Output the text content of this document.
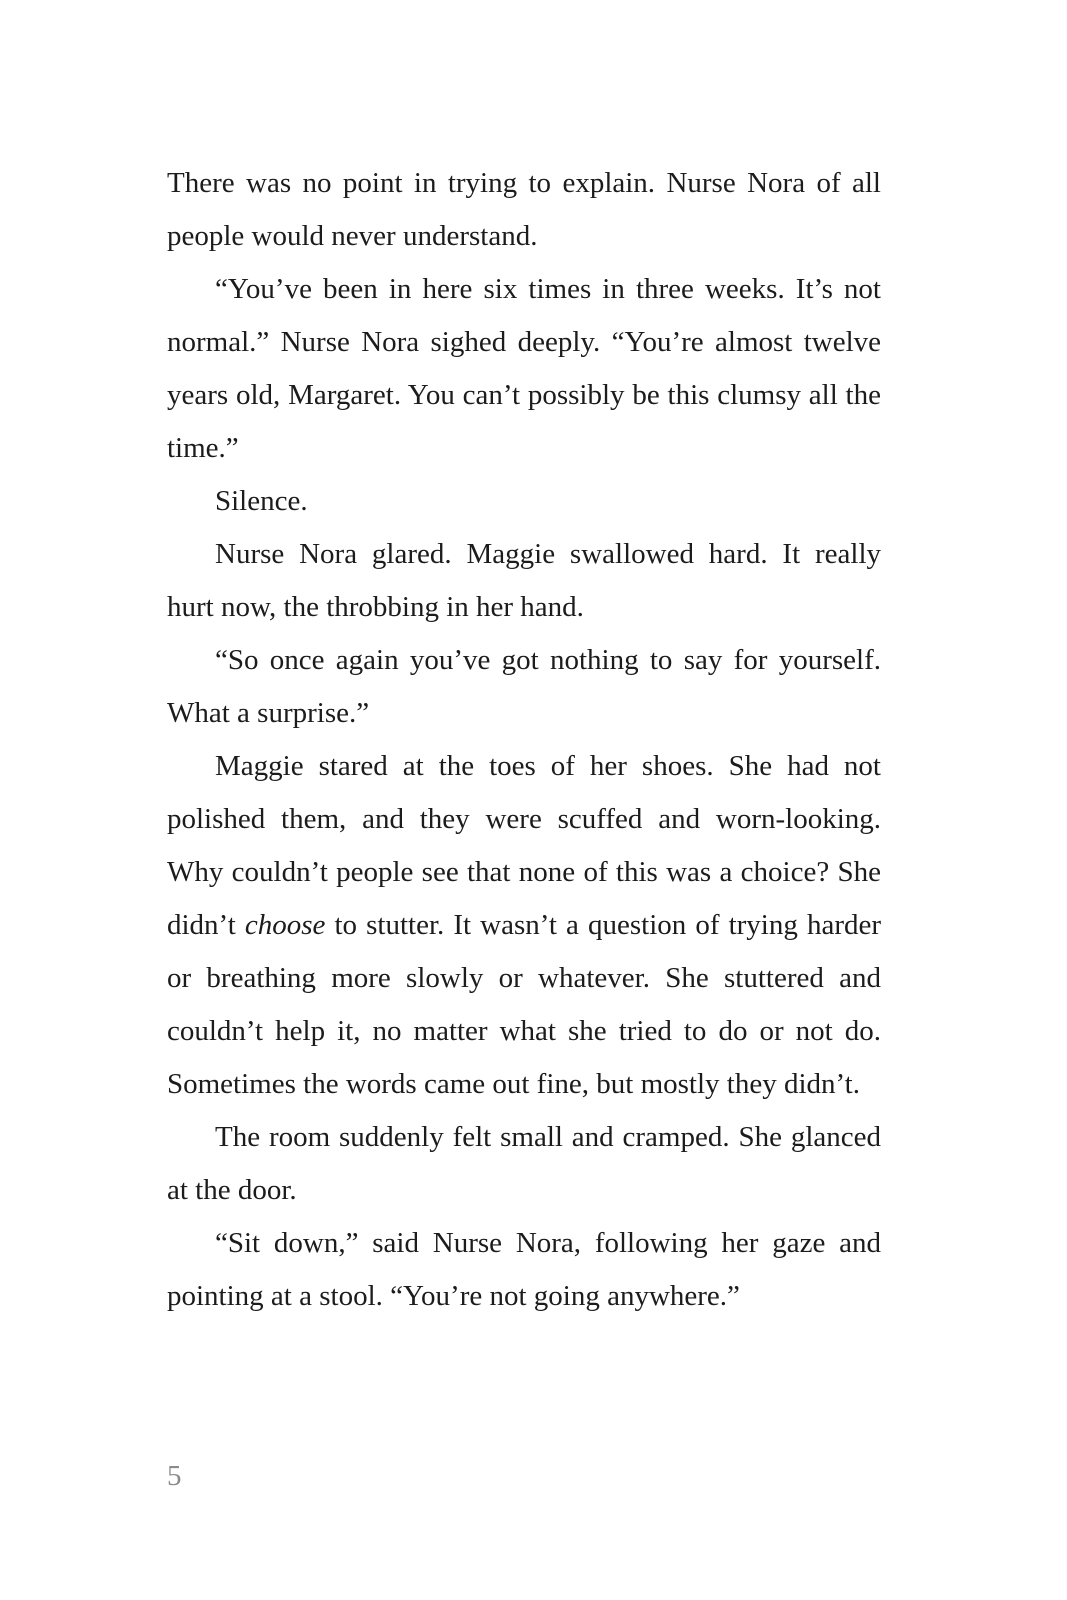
There was no point in trying to explain. Nurse Nora of all people would never understand.

“You’ve been in here six times in three weeks. It’s not normal.” Nurse Nora sighed deeply. “You’re almost twelve years old, Margaret. You can’t possibly be this clumsy all the time.”

Silence.

Nurse Nora glared. Maggie swallowed hard. It really hurt now, the throbbing in her hand.

“So once again you’ve got nothing to say for yourself. What a surprise.”

Maggie stared at the toes of her shoes. She had not polished them, and they were scuffed and worn-looking. Why couldn’t people see that none of this was a choice? She didn’t choose to stutter. It wasn’t a question of trying harder or breathing more slowly or whatever. She stuttered and couldn’t help it, no matter what she tried to do or not do. Sometimes the words came out fine, but mostly they didn’t.

The room suddenly felt small and cramped. She glanced at the door.

“Sit down,” said Nurse Nora, following her gaze and pointing at a stool. “You’re not going anywhere.”

5
